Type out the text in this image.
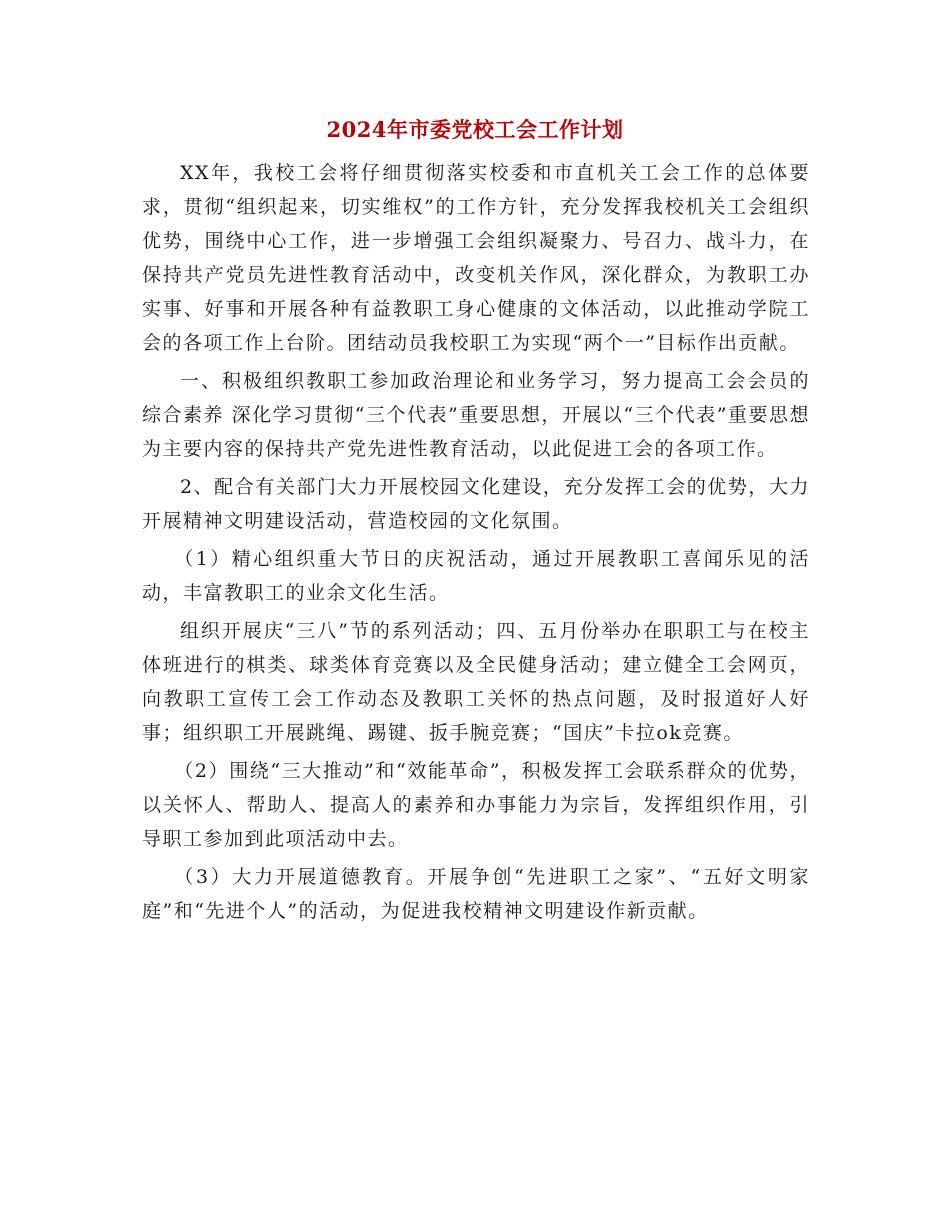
2024年市委党校工会工作计划

XX年，我校工会将仔细贯彻落实校委和市直机关工会工作的总体要求，贯彻“组织起来，切实维权”的工作方针，充分发挥我校机关工会组织优势，围绕中心工作，进一步增强工会组织凝聚力、号召力、战斗力，在保持共产党员先进性教育活动中，改变机关作风，深化群众，为教职工办实事、好事和开展各种有益教职工身心健康的文体活动，以此推动学院工会的各项工作上台阶。团结动员我校职工为实现“两个一”目标作出贡献。

一、积极组织教职工参加政治理论和业务学习，努力提高工会会员的综合素养 深化学习贯彻“三个代表”重要思想，开展以“三个代表”重要思想为主要内容的保持共产党先进性教育活动，以此促进工会的各项工作。

2、配合有关部门大力开展校园文化建设，充分发挥工会的优势，大力开展精神文明建设活动，营造校园的文化氛围。

（1）精心组织重大节日的庆祝活动，通过开展教职工喜闻乐见的活动，丰富教职工的业余文化生活。

组织开展庆“三八”节的系列活动；四、五月份举办在职职工与在校主体班进行的棋类、球类体育竞赛以及全民健身活动；建立健全工会网页，向教职工宣传工会工作动态及教职工关怀的热点问题，及时报道好人好事；组织职工开展跳绳、踢键、扳手腕竞赛；“国庆”卡拉ok竞赛。

（2）围绕“三大推动”和“效能革命”，积极发挥工会联系群众的优势，以关怀人、帮助人、提高人的素养和办事能力为宗旨，发挥组织作用，引导职工参加到此项活动中去。

（3）大力开展道德教育。开展争创“先进职工之家”、“五好文明家庭”和“先进个人”的活动，为促进我校精神文明建设作新贡献。
